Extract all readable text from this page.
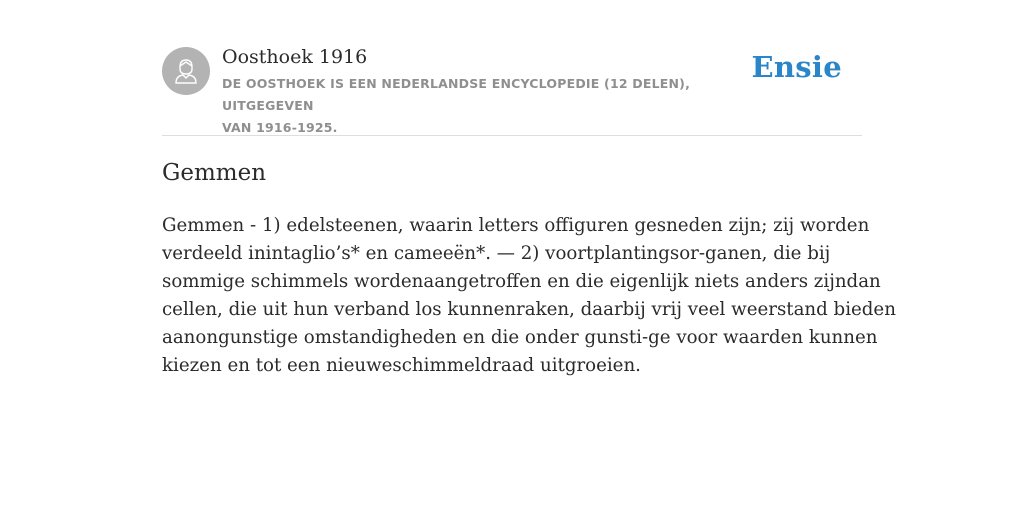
Oosthoek 1916
DE OOSTHOEK IS EEN NEDERLANDSE ENCYCLOPEDIE (12 DELEN), UITGEGEVEN
VAN 1916-1925.
Ensie
Gemmen
Gemmen - 1) edelsteenen, waarin letters offiguren gesneden zijn; zij worden
verdeeld inintaglio’s* en cameeën*. — 2) voortplantingsor-ganen, die bij
sommige schimmels wordenaangetroffen en die eigenlijk niets anders zijndan
cellen, die uit hun verband los kunnenraken, daarbij vrij veel weerstand bieden
aanongunstige omstandigheden en die onder gunsti-ge voor waarden kunnen
kiezen en tot een nieuweschimmeldraad uitgroeien.
